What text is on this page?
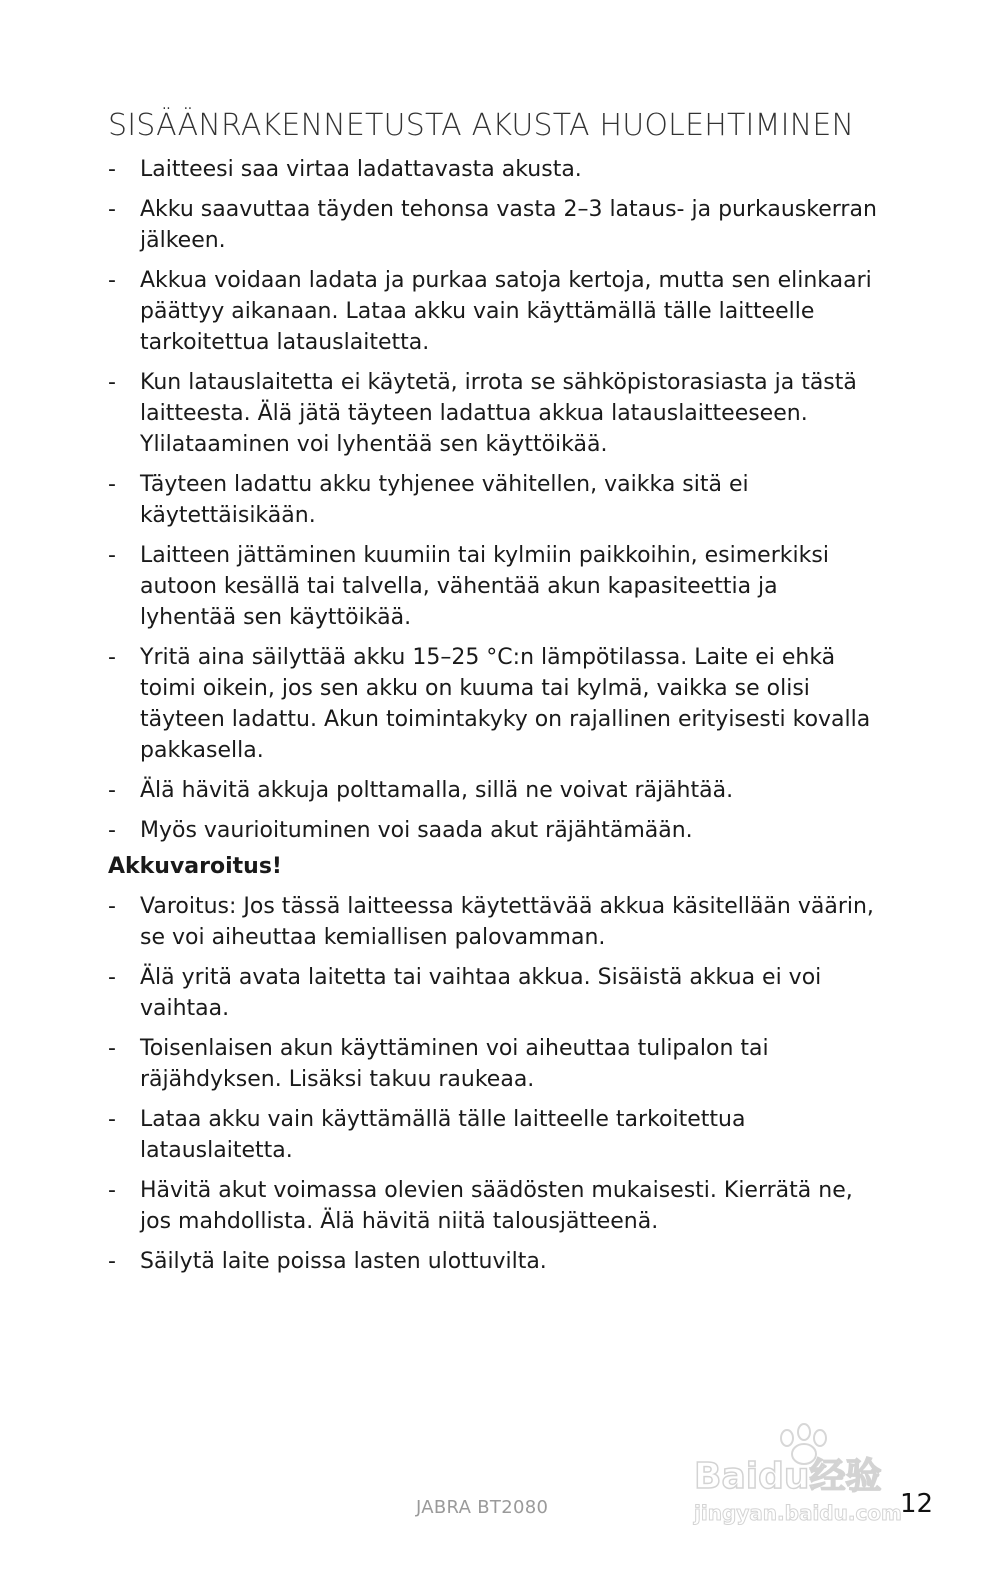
SISÄÄNRAKENNETUSTA AKUSTA HUOLEHTIMINEN
- Laitteesi saa virtaa ladattavasta akusta.
- Akku saavuttaa täyden tehonsa vasta 2–3 lataus- ja purkauskerran jälkeen.
- Akkua voidaan ladata ja purkaa satoja kertoja, mutta sen elinkaari päättyy aikanaan. Lataa akku vain käyttämällä tälle laitteelle tarkoitettua latauslaitetta.
- Kun latauslaitetta ei käytetä, irrota se sähköpistorasiasta ja tästä laitteesta. Älä jätä täyteen ladattua akkua latauslaitteeseen. Ylilataaminen voi lyhentää sen käyttöikää.
- Täyteen ladattu akku tyhjenee vähitellen, vaikka sitä ei käytettäisikään.
- Laitteen jättäminen kuumiin tai kylmiin paikkoihin, esimerkiksi autoon kesällä tai talvella, vähentää akun kapasiteettia ja lyhentää sen käyttöikää.
- Yritä aina säilyttää akku 15–25 °C:n lämpötilassa. Laite ei ehkä toimi oikein, jos sen akku on kuuma tai kylmä, vaikka se olisi täyteen ladattu. Akun toimintakyky on rajallinen erityisesti kovalla pakkasella.
- Älä hävitä akkuja polttamalla, sillä ne voivat räjähtää.
- Myös vaurioituminen voi saada akut räjähtämään.
Akkuvaroitus!
- Varoitus: Jos tässä laitteessa käytettävää akkua käsitellään väärin, se voi aiheuttaa kemiallisen palovamman.
- Älä yritä avata laitetta tai vaihtaa akkua. Sisäistä akkua ei voi vaihtaa.
- Toisenlaisen akun käyttäminen voi aiheuttaa tulipalon tai räjähdyksen. Lisäksi takuu raukeaa.
- Lataa akku vain käyttämällä tälle laitteelle tarkoitettua latauslaitetta.
- Hävitä akut voimassa olevien säädösten mukaisesti. Kierrätä ne, jos mahdollista. Älä hävitä niitä talousjätteenä.
- Säilytä laite poissa lasten ulottuvilta.
Baidu经验
jingyan.baidu.com
JABRA BT2080	12
